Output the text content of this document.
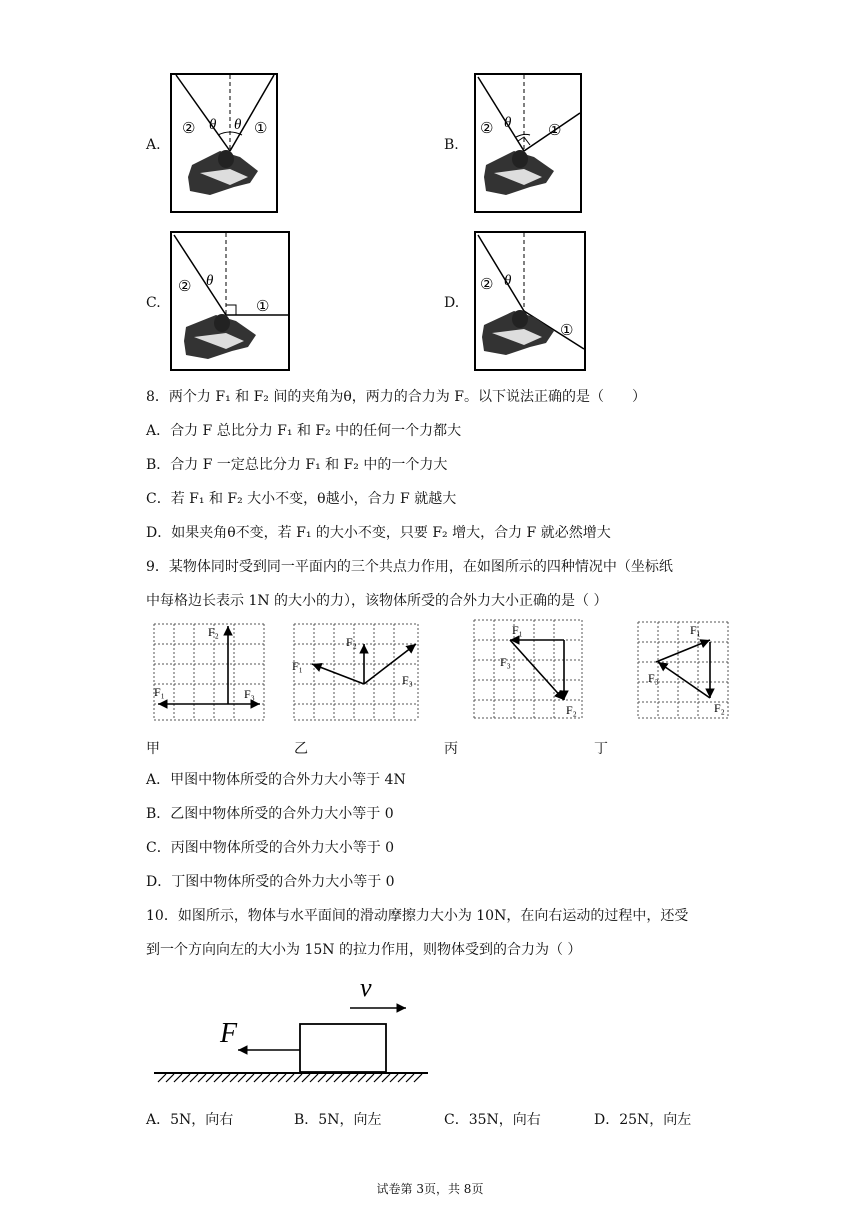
A.
θ θ
②	①
B.
θ
②	①
C.
θ
②
①	D.
θ
②
①
8．两个力 F₁ 和 F₂ 间的夹角为θ，两力的合力为 F。以下说法正确的是（　　）
A．合力 F 总比分力 F₁ 和 F₂ 中的任何一个力都大
B．合力 F 一定总比分力 F₁ 和 F₂ 中的一个力大
C．若 F₁ 和 F₂ 大小不变，θ越小，合力 F 就越大
D．如果夹角θ不变，若 F₁ 的大小不变，只要 F₂ 增大，合力 F 就必然增大
9．某物体同时受到同一平面内的三个共点力作用，在如图所示的四种情况中（坐标纸
中每格边长表示 1N 的大小的力），该物体所受的合外力大小正确的是（ ）
F₁
F₂
F₃
F₁
F₂
F₃
F₁
F₂
F₃
F₁
F₂
F₃
甲	乙	丙	丁
A．甲图中物体所受的合外力大小等于 4N
B．乙图中物体所受的合外力大小等于 0
C．丙图中物体所受的合外力大小等于 0
D．丁图中物体所受的合外力大小等于 0
10．如图所示，物体与水平面间的滑动摩擦力大小为 10N，在向右运动的过程中，还受
到一个方向向左的大小为 15N 的拉力作用，则物体受到的合力为（ ）
v
F
A．5N，向右	B．5N，向左	C．35N，向右	D．25N，向左
试卷第 3页，共 8页
